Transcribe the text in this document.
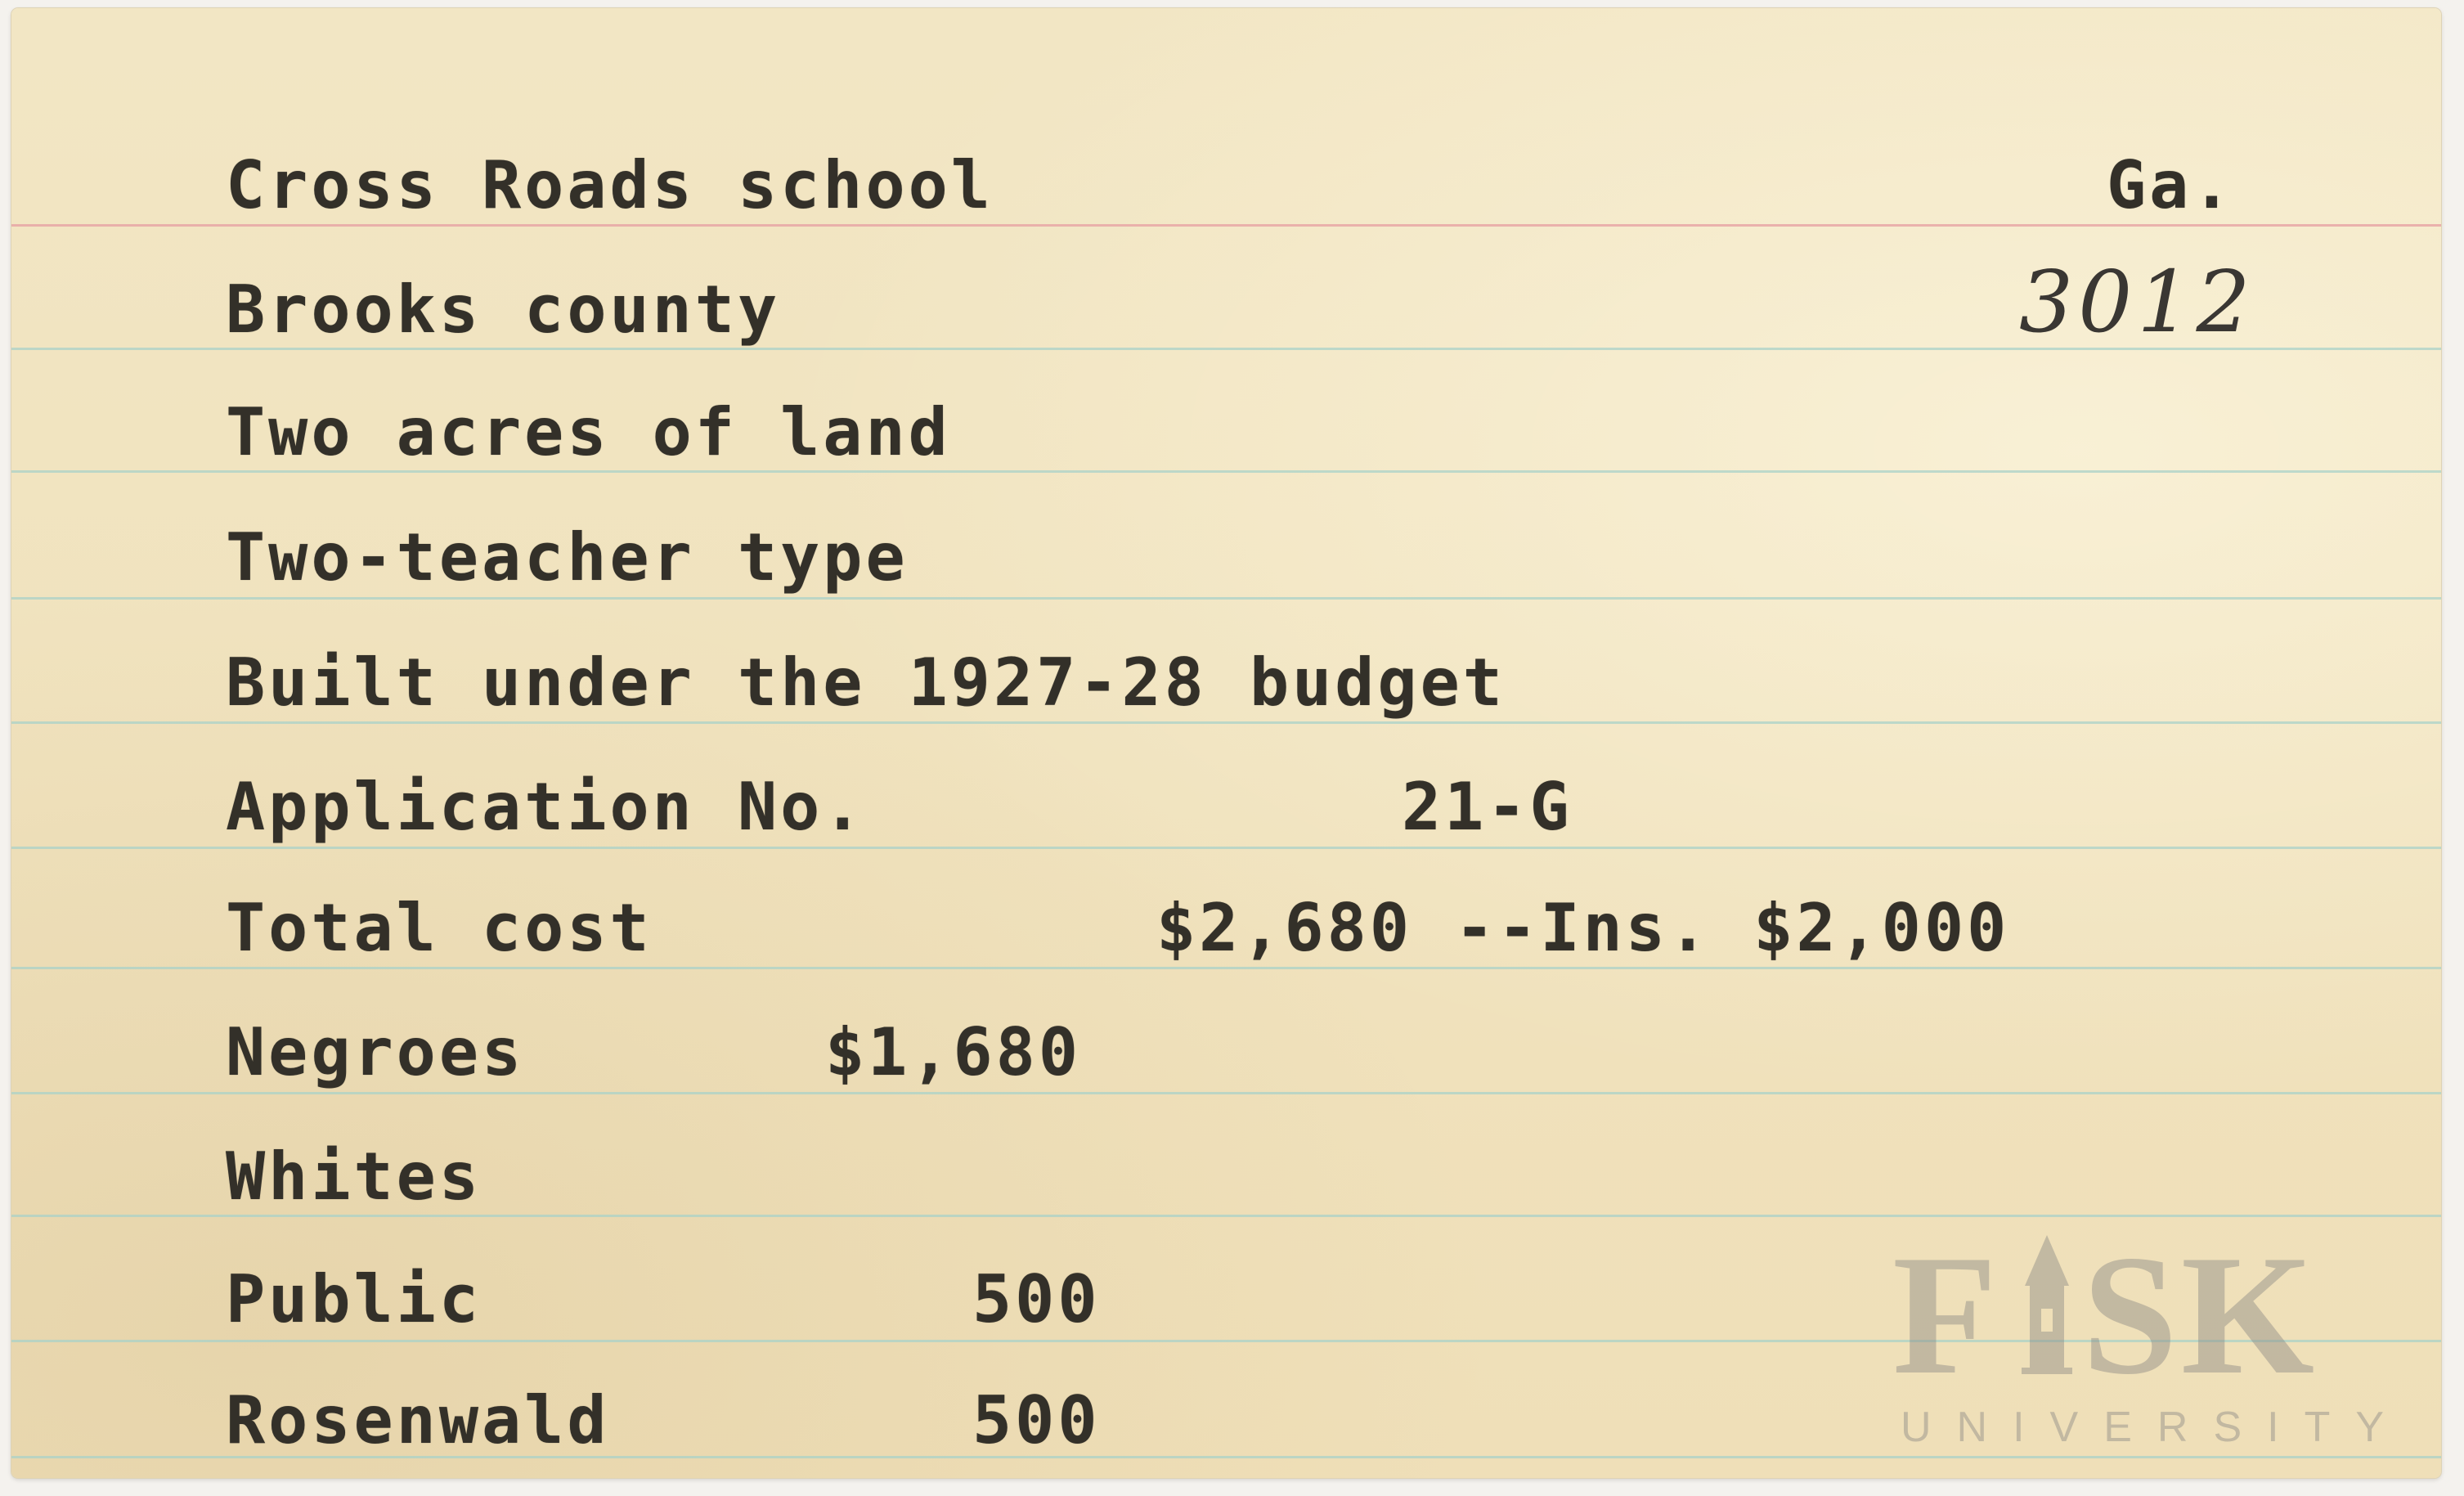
Cross Roads school	Ga.
Brooks county	3012
Two acres of land
Two-teacher type
Built under the 1927-28 budget
Application No.	21-G
Total cost	$2,680 --Ins. $2,000
Negroes	$1,680
Whites
Public	500
Rosenwald	500
F SK
UNIVERSITY
